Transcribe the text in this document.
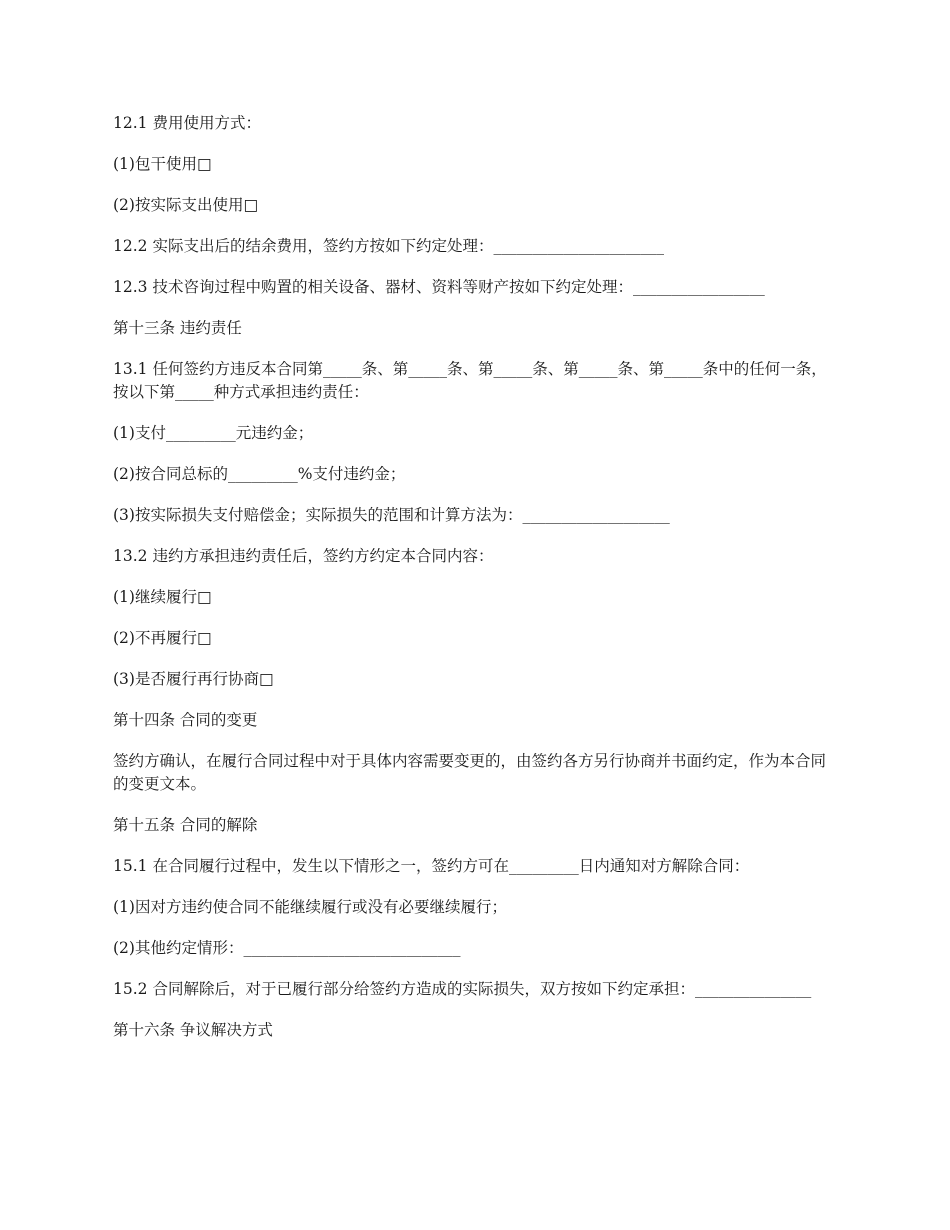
12.1 费用使用方式：

(1)包干使用□

(2)按实际支出使用□

12.2 实际支出后的结余费用，签约方按如下约定处理：______________________

12.3 技术咨询过程中购置的相关设备、器材、资料等财产按如下约定处理：_________________

第十三条 违约责任

13.1 任何签约方违反本合同第_____条、第_____条、第_____条、第_____条、第_____条中的任何一条，按以下第_____种方式承担违约责任：

(1)支付_________元违约金；

(2)按合同总标的_________%支付违约金；

(3)按实际损失支付赔偿金；实际损失的范围和计算方法为：___________________

13.2 违约方承担违约责任后，签约方约定本合同内容：

(1)继续履行□

(2)不再履行□

(3)是否履行再行协商□

第十四条 合同的变更

签约方确认，在履行合同过程中对于具体内容需要变更的，由签约各方另行协商并书面约定，作为本合同的变更文本。

第十五条 合同的解除

15.1 在合同履行过程中，发生以下情形之一，签约方可在_________日内通知对方解除合同：

(1)因对方违约使合同不能继续履行或没有必要继续履行；

(2)其他约定情形：____________________________

15.2 合同解除后，对于已履行部分给签约方造成的实际损失，双方按如下约定承担：_______________

第十六条 争议解决方式
